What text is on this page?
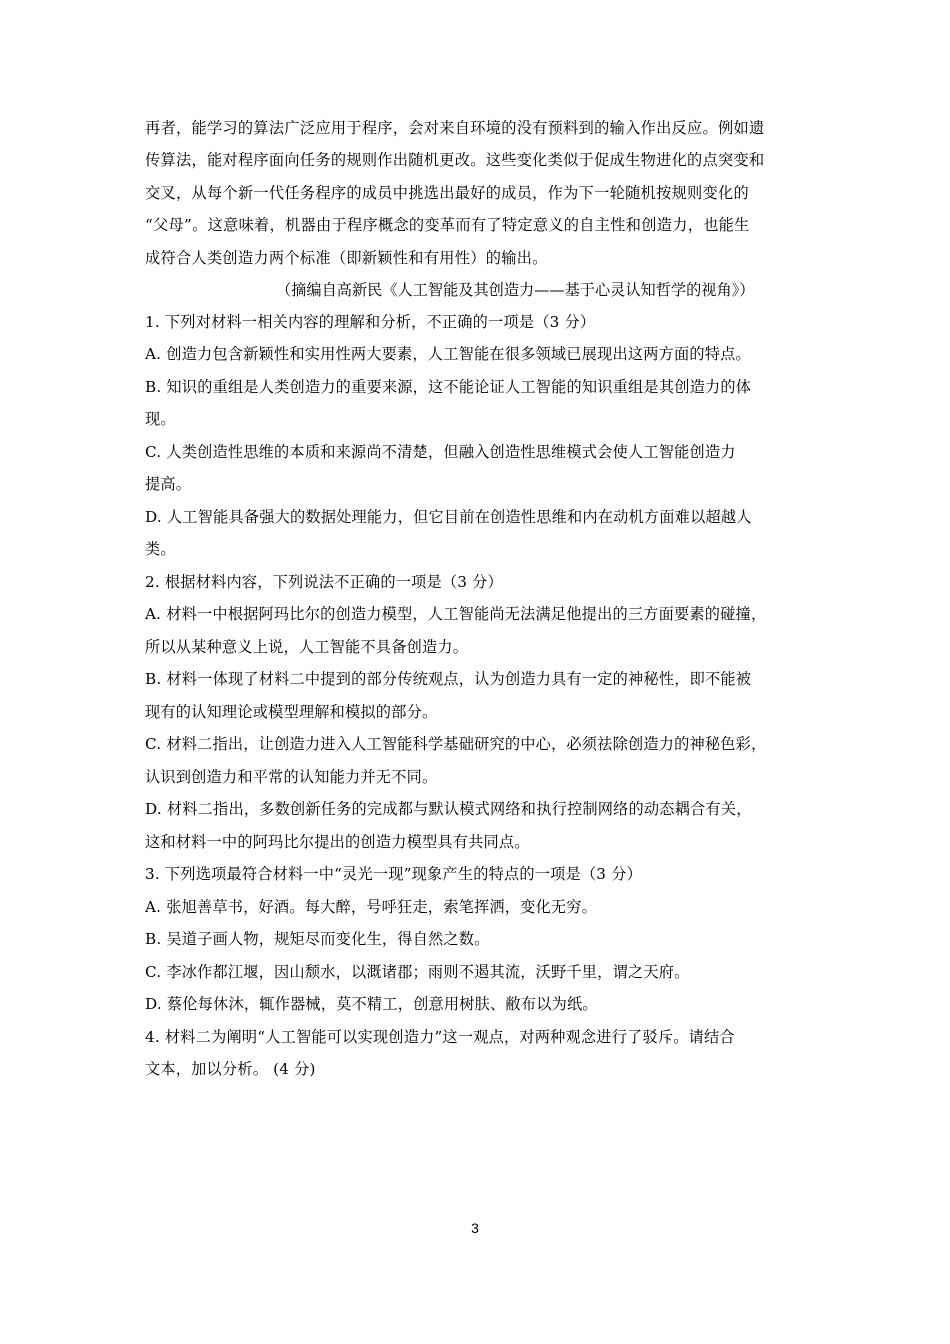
再者，能学习的算法广泛应用于程序，会对来自环境的没有预料到的输入作出反应。例如遗

传算法，能对程序面向任务的规则作出随机更改。这些变化类似于促成生物进化的点突变和

交叉，从每个新一代任务程序的成员中挑选出最好的成员，作为下一轮随机按规则变化的

“父母”。这意味着，机器由于程序概念的变革而有了特定意义的自主性和创造力，也能生

成符合人类创造力两个标准（即新颖性和有用性）的输出。

（摘编自高新民《人工智能及其创造力——基于心灵认知哲学的视角》）

1. 下列对材料一相关内容的理解和分析，不正确的一项是（3 分）

A. 创造力包含新颖性和实用性两大要素，人工智能在很多领域已展现出这两方面的特点。

B. 知识的重组是人类创造力的重要来源，这不能论证人工智能的知识重组是其创造力的体

现。

C. 人类创造性思维的本质和来源尚不清楚，但融入创造性思维模式会使人工智能创造力

提高。

D. 人工智能具备强大的数据处理能力，但它目前在创造性思维和内在动机方面难以超越人

类。

2. 根据材料内容，下列说法不正确的一项是（3 分）

A. 材料一中根据阿玛比尔的创造力模型，人工智能尚无法满足他提出的三方面要素的碰撞，

所以从某种意义上说，人工智能不具备创造力。

B. 材料一体现了材料二中提到的部分传统观点，认为创造力具有一定的神秘性，即不能被

现有的认知理论或模型理解和模拟的部分。

C. 材料二指出，让创造力进入人工智能科学基础研究的中心，必须祛除创造力的神秘色彩，

认识到创造力和平常的认知能力并无不同。

D. 材料二指出，多数创新任务的完成都与默认模式网络和执行控制网络的动态耦合有关，

这和材料一中的阿玛比尔提出的创造力模型具有共同点。

3. 下列选项最符合材料一中“灵光一现”现象产生的特点的一项是（3 分）

A. 张旭善草书，好酒。每大醉，号呼狂走，索笔挥洒，变化无穷。

B. 吴道子画人物，规矩尽而变化生，得自然之数。

C. 李冰作都江堰，因山颓水，以溉诸郡；雨则不遏其流，沃野千里，谓之天府。

D. 蔡伦每休沐，辄作器械，莫不精工，创意用树肤、敝布以为纸。

4. 材料二为阐明“人工智能可以实现创造力”这一观点，对两种观念进行了驳斥。请结合

文本，加以分析。 (4 分)

3
